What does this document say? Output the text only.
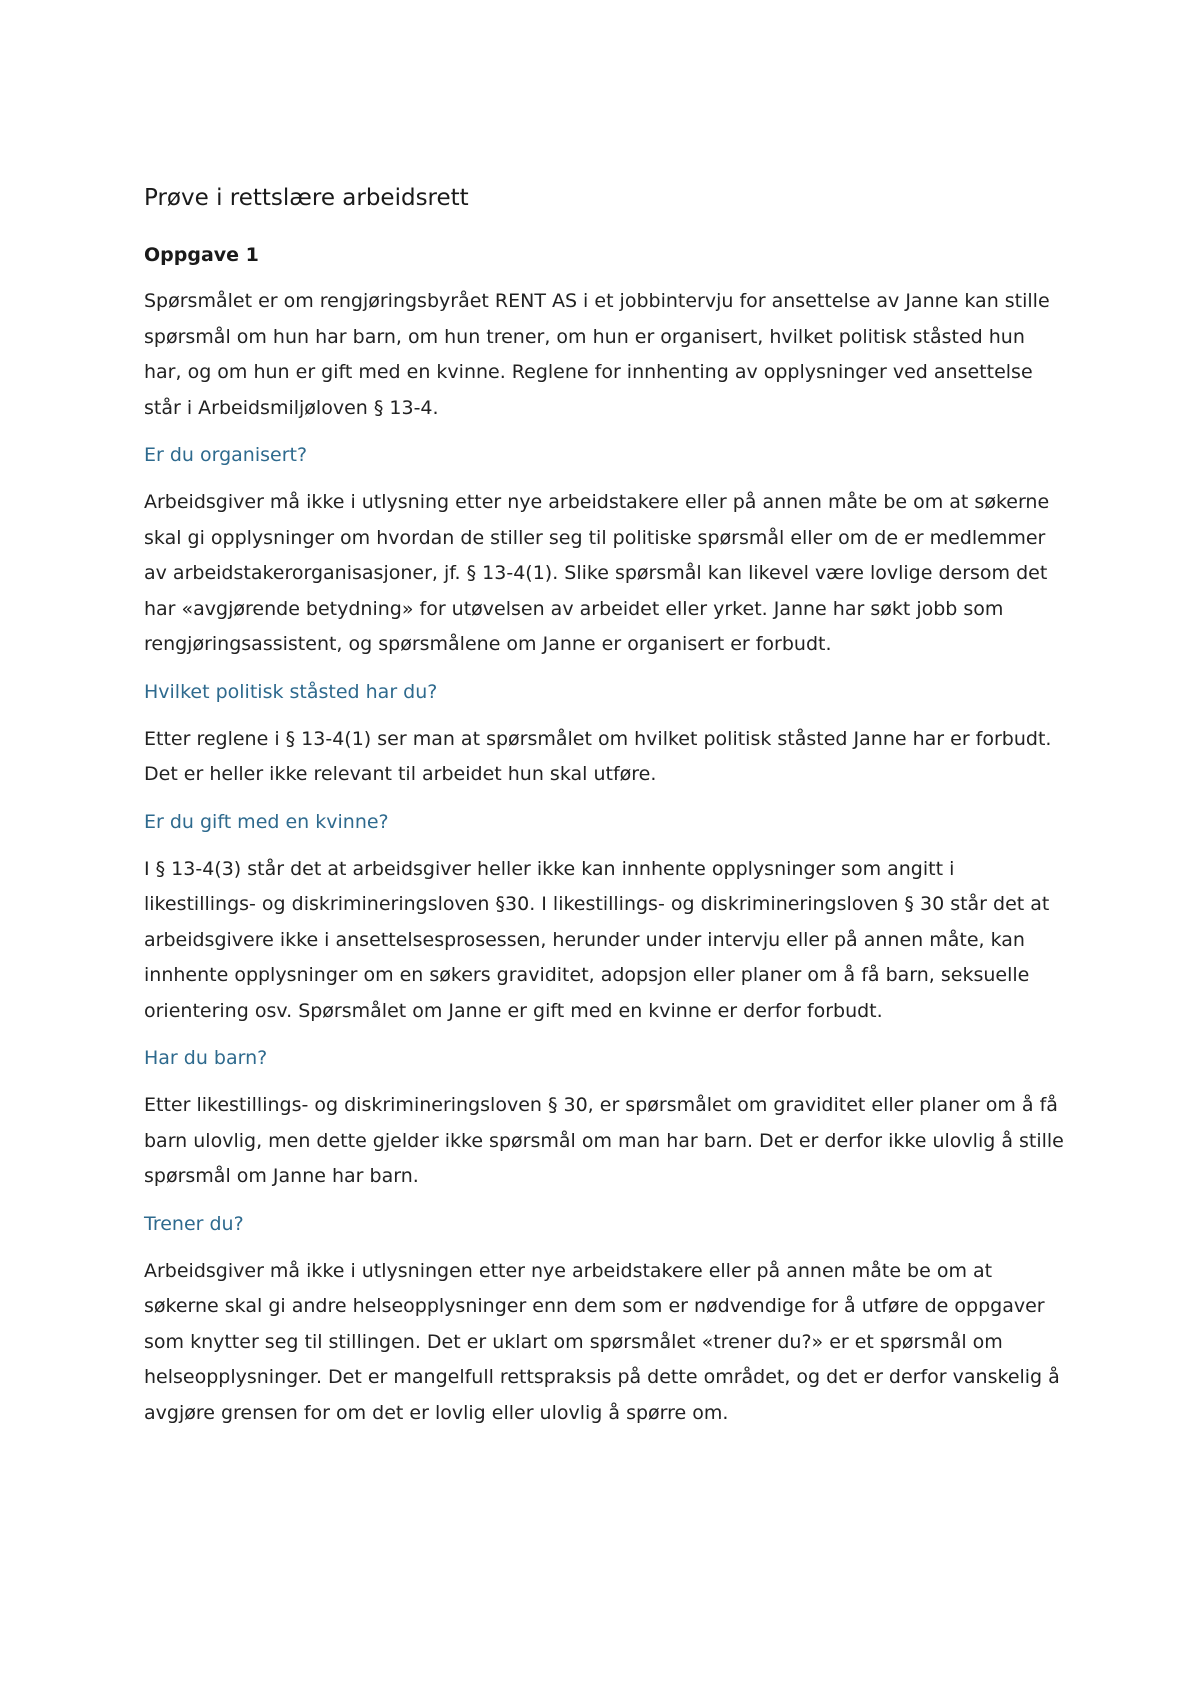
Prøve i rettslære arbeidsrett
Oppgave 1

Spørsmålet er om rengjøringsbyrået RENT AS i et jobbintervju for ansettelse av Janne kan stille spørsmål om hun har barn, om hun trener, om hun er organisert, hvilket politisk ståsted hun har, og om hun er gift med en kvinne. Reglene for innhenting av opplysninger ved ansettelse står i Arbeidsmiljøloven § 13-4.

Er du organisert?

Arbeidsgiver må ikke i utlysning etter nye arbeidstakere eller på annen måte be om at søkerne skal gi opplysninger om hvordan de stiller seg til politiske spørsmål eller om de er medlemmer av arbeidstakerorganisasjoner, jf. § 13-4(1). Slike spørsmål kan likevel være lovlige dersom det har «avgjørende betydning» for utøvelsen av arbeidet eller yrket. Janne har søkt jobb som rengjøringsassistent, og spørsmålene om Janne er organisert er forbudt.

Hvilket politisk ståsted har du?

Etter reglene i § 13-4(1) ser man at spørsmålet om hvilket politisk ståsted Janne har er forbudt. Det er heller ikke relevant til arbeidet hun skal utføre.

Er du gift med en kvinne?

I § 13-4(3) står det at arbeidsgiver heller ikke kan innhente opplysninger som angitt i likestillings- og diskrimineringsloven §30. I likestillings- og diskrimineringsloven § 30 står det at arbeidsgivere ikke i ansettelsesprosessen, herunder under intervju eller på annen måte, kan innhente opplysninger om en søkers graviditet, adopsjon eller planer om å få barn, seksuelle orientering osv. Spørsmålet om Janne er gift med en kvinne er derfor forbudt.

Har du barn?

Etter likestillings- og diskrimineringsloven § 30, er spørsmålet om graviditet eller planer om å få barn ulovlig, men dette gjelder ikke spørsmål om man har barn. Det er derfor ikke ulovlig å stille spørsmål om Janne har barn.

Trener du?

Arbeidsgiver må ikke i utlysningen etter nye arbeidstakere eller på annen måte be om at søkerne skal gi andre helseopplysninger enn dem som er nødvendige for å utføre de oppgaver som knytter seg til stillingen. Det er uklart om spørsmålet «trener du?» er et spørsmål om helseopplysninger. Det er mangelfull rettspraksis på dette området, og det er derfor vanskelig å avgjøre grensen for om det er lovlig eller ulovlig å spørre om.
